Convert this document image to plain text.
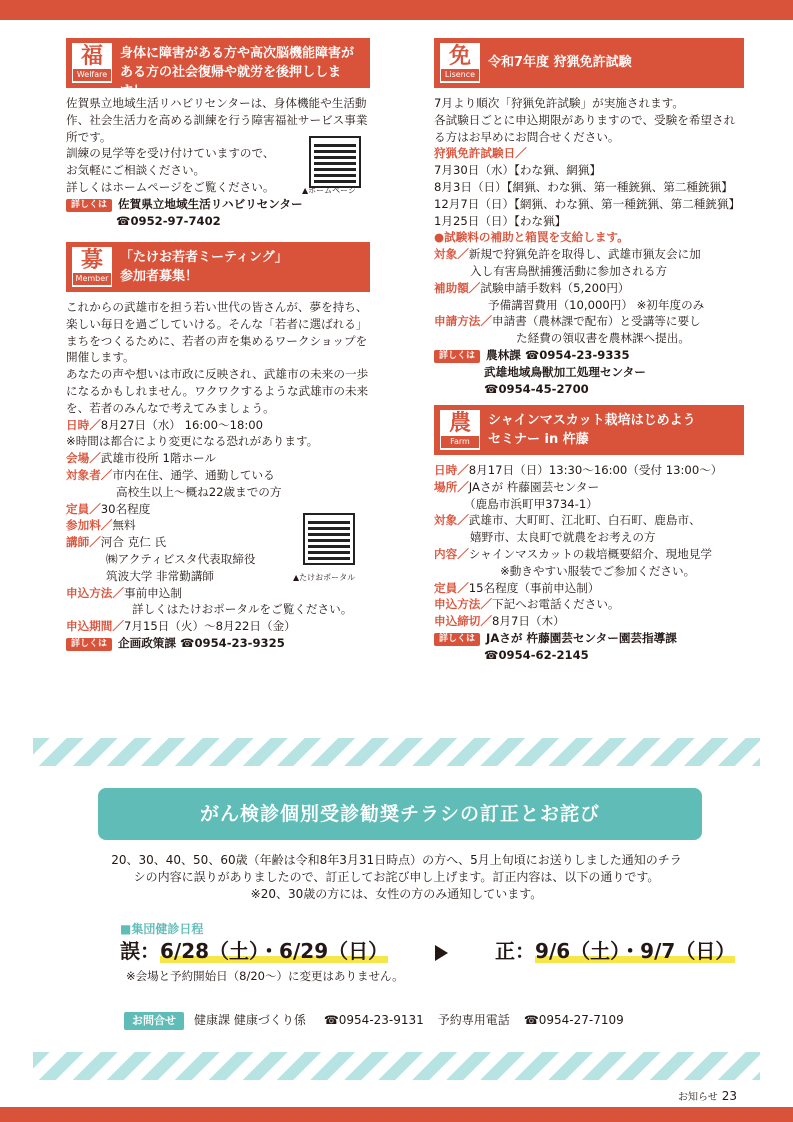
福
Welfare
身体に障害がある方や高次脳機能障害がある方の社会復帰や就労を後押しします！

佐賀県立地域生活リハビリセンターは、身体機能や生活動作、社会生活力を高める訓練を行う障害福祉サービス事業所です。

訓練の見学等を受け付けていますので、

お気軽にご相談ください。

詳しくはホームページをご覧ください。

詳しくは 佐賀県立地域生活リハビリセンター

☎0952-97-7402

▲ホームページ
募
Member
「たけお若者ミーティング」
参加者募集！

これからの武雄市を担う若い世代の皆さんが、夢を持ち、楽しい毎日を過ごしていける。そんな「若者に選ばれる」まちをつくるために、若者の声を集めるワークショップを開催します。

あなたの声や想いは市政に反映され、武雄市の未来の一歩になるかもしれません。ワクワクするような武雄市の未来を、若者のみんなで考えてみましょう。

日時／8月27日（水） 16:00～18:00

※時間は都合により変更になる恐れがあります。

会場／武雄市役所 1階ホール

対象者／市内在住、通学、通勤している

高校生以上～概ね22歳までの方

定員／30名程度

参加料／無料

講師／河合 克仁 氏

㈱アクティビスタ代表取締役

筑波大学 非常勤講師

申込方法／事前申込制

詳しくはたけおポータルをご覧ください。

申込期間／7月15日（火）～8月22日（金）

詳しくは 企画政策課 ☎0954-23-9325

▲たけおポータル
免
Lisence
令和7年度 狩猟免許試験

7月より順次「狩猟免許試験」が実施されます。

各試験日ごとに申込期限がありますので、受験を希望される方はお早めにお問合せください。

狩猟免許試験日／

7月30日（水）【わな猟、網猟】

8月3日（日）【網猟、わな猟、第一種銃猟、第二種銃猟】

12月7日（日）【網猟、わな猟、第一種銃猟、第二種銃猟】

1月25日（日）【わな猟】

●試験料の補助と箱罠を支給します。

対象／新規で狩猟免許を取得し、武雄市猟友会に加

入し有害鳥獣捕獲活動に参加される方

補助額／試験申請手数料（5,200円）

予備講習費用（10,000円） ※初年度のみ

申請方法／申請書（農林課で配布）と受講等に要し

た経費の領収書を農林課へ提出。

詳しくは 農林課 ☎0954-23-9335

武雄地域鳥獣加工処理センター

☎0954-45-2700

農
Farm
シャインマスカット栽培はじめよう
セミナー in 杵藤

日時／8月17日（日）13:30～16:00（受付 13:00～）

場所／JAさが 杵藤園芸センター

（鹿島市浜町甲3734-1）

対象／武雄市、大町町、江北町、白石町、鹿島市、

嬉野市、太良町で就農をお考えの方

内容／シャインマスカットの栽培概要紹介、現地見学

※動きやすい服装でご参加ください。

定員／15名程度（事前申込制）

申込方法／下記へお電話ください。

申込締切／8月7日（木）

詳しくは JAさが 杵藤園芸センター園芸指導課

☎0954-62-2145

がん検診個別受診勧奨チラシの訂正とお詫び
20、30、40、50、60歳（年齢は令和8年3月31日時点）の方へ、5月上旬頃にお送りしました通知のチラ
シの内容に誤りがありましたので、訂正してお詫び申し上げます。訂正内容は、以下の通りです。
※20、30歳の方には、女性の方のみ通知しています。
■集団健診日程
誤：6/28（土）・6/29（日）	正：9/6（土）・9/7（日）
※会場と予約開始日（8/20～）に変更はありません。
お問合せ 健康課 健康づくり係 ☎0954-23-9131 予約専用電話 ☎0954-27-7109
お知らせ 23
